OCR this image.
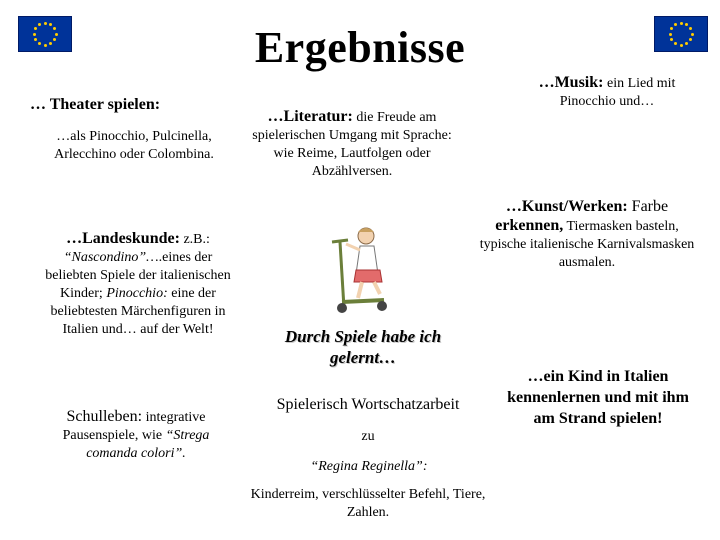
Ergebnisse
… Theater spielen:
…als Pinocchio, Pulcinella, Arlecchino oder Colombina.
…Literatur: die Freude am
spielerischen Umgang mit Sprache: wie Reime, Lautfolgen oder Abzählversen.
…Musik: ein Lied mit
Pinocchio und…
…Kunst/Werken: Farbe
erkennen, Tiermasken basteln,
typische italienische Karnivalsmasken ausmalen.
…Landeskunde: z.B.:
“Nascondino”….eines der beliebten Spiele der italienischen Kinder; Pinocchio: eine der beliebtesten Märchenfiguren in Italien und… auf der Welt!	Durch Spiele habe ich gelernt…
Spielerisch Wortschatzarbeit
zu
“Regina Reginella”:
Kinderreim, verschlüsselter Befehl, Tiere, Zahlen.
Schulleben: integrative
Pausenspiele, wie “Strega comanda colori”.
…ein Kind in Italien kennenlernen und mit ihm am Strand spielen!
